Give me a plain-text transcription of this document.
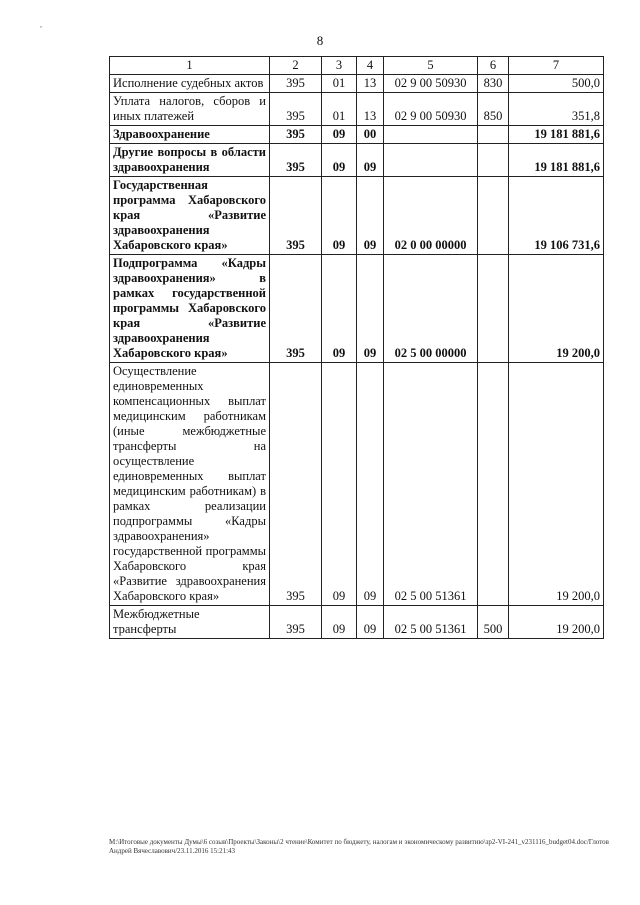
,
8
1	2	3	4	5	6	7
Исполнение судебных актов	395	01	13	02 9 00 50930	830	500,0
Уплата налогов, сборов и иных платежей	395	01	13	02 9 00 50930	850	351,8
Здравоохранение	395	09	00			19 181 881,6
Другие вопросы в области здравоохранения	395	09	09			19 181 881,6
Государственная программа Хабаровского края «Развитие здравоохранения Хабаровского края»	395	09	09	02 0 00 00000		19 106 731,6
Подпрограмма «Кадры здравоохранения» в рамках государственной программы Хабаровского края «Развитие здравоохранения Хабаровского края»	395	09	09	02 5 00 00000		19 200,0
Осуществление единовременных компенсационных выплат медицинским работникам (иные межбюджетные трансферты на осуществление единовременных выплат медицинским работникам) в рамках реализации подпрограммы «Кадры здравоохранения» государственной программы Хабаровского края «Развитие здравоохранения Хабаровского края»	395	09	09	02 5 00 51361		19 200,0
Межбюджетные трансферты	395	09	09	02 5 00 51361	500	19 200,0
M:\Итоговые документы Думы\6 созыв\Проекты\Законы\2 чтение\Комитет по бюджету, налогам и экономическому развитию\зр2-VI-241_v231116_budget04.doc/Глотов Андрей Вячеславович/23.11.2016 15:21:43
